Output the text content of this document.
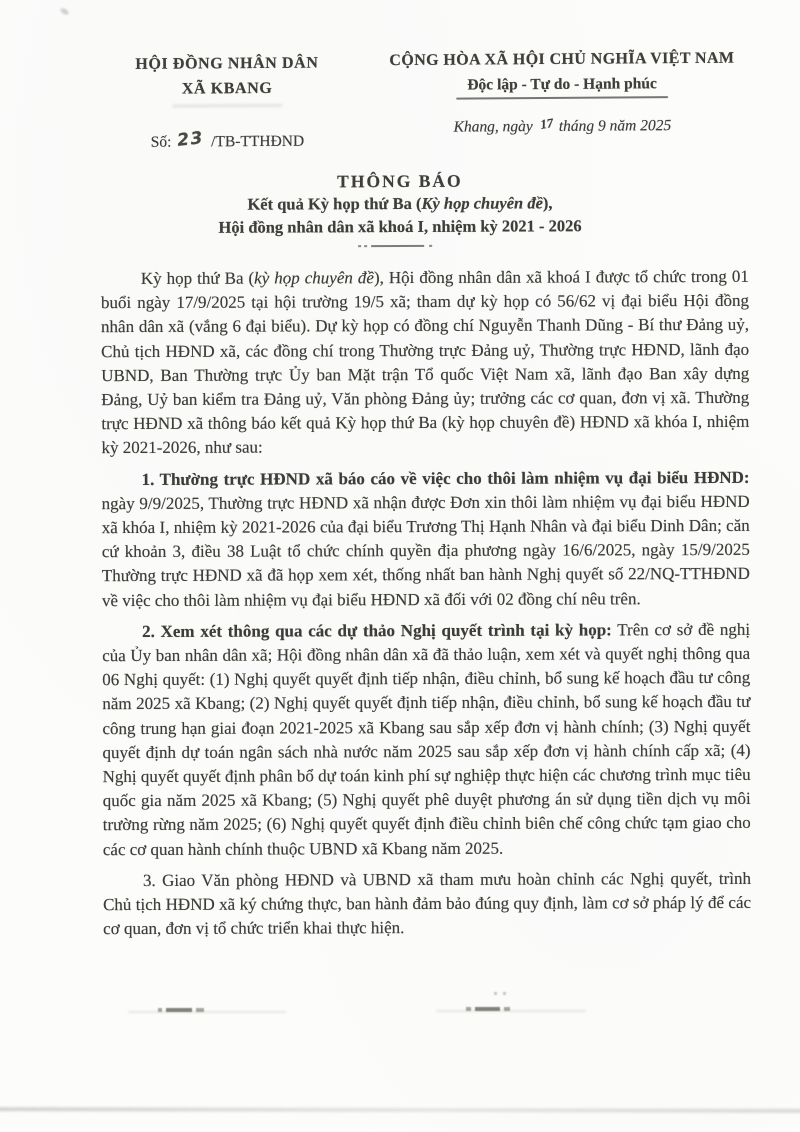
HỘI ĐỒNG NHÂN DÂN
XÃ KBANG
Số: 23 /TB-TTHĐND
CỘNG HÒA XÃ HỘI CHỦ NGHĨA VIỆT NAM
Độc lập - Tự do - Hạnh phúc
Khang, ngày 17 tháng 9 năm 2025
THÔNG BÁO
Kết quả Kỳ họp thứ Ba (Kỳ họp chuyên đề),
Hội đồng nhân dân xã khoá I, nhiệm kỳ 2021 - 2026

Kỳ họp thứ Ba (kỳ họp chuyên đề), Hội đồng nhân dân xã khoá I được tổ chức trong 01 buổi ngày 17/9/2025 tại hội trường 19/5 xã; tham dự kỳ họp có 56/62 vị đại biểu Hội đồng nhân dân xã (vắng 6 đại biểu). Dự kỳ họp có đồng chí Nguyễn Thanh Dũng - Bí thư Đảng uỷ, Chủ tịch HĐND xã, các đồng chí trong Thường trực Đảng uỷ, Thường trực HĐND, lãnh đạo UBND, Ban Thường trực Ủy ban Mặt trận Tổ quốc Việt Nam xã, lãnh đạo Ban xây dựng Đảng, Uỷ ban kiểm tra Đảng uỷ, Văn phòng Đảng ủy; trưởng các cơ quan, đơn vị xã. Thường trực HĐND xã thông báo kết quả Kỳ họp thứ Ba (kỳ họp chuyên đề) HĐND xã khóa I, nhiệm kỳ 2021-2026, như sau:

1. Thường trực HĐND xã báo cáo về việc cho thôi làm nhiệm vụ đại biểu HĐND: ngày 9/9/2025, Thường trực HĐND xã nhận được Đơn xin thôi làm nhiệm vụ đại biểu HĐND xã khóa I, nhiệm kỳ 2021-2026 của đại biểu Trương Thị Hạnh Nhân và đại biểu Dinh Dân; căn cứ khoản 3, điều 38 Luật tổ chức chính quyền địa phương ngày 16/6/2025, ngày 15/9/2025 Thường trực HĐND xã đã họp xem xét, thống nhất ban hành Nghị quyết số 22/NQ-TTHĐND về việc cho thôi làm nhiệm vụ đại biểu HĐND xã đối với 02 đồng chí nêu trên.

2. Xem xét thông qua các dự thảo Nghị quyết trình tại kỳ họp: Trên cơ sở đề nghị của Ủy ban nhân dân xã; Hội đồng nhân dân xã đã thảo luận, xem xét và quyết nghị thông qua 06 Nghị quyết: (1) Nghị quyết quyết định tiếp nhận, điều chỉnh, bổ sung kế hoạch đầu tư công năm 2025 xã Kbang; (2) Nghị quyết quyết định tiếp nhận, điều chỉnh, bổ sung kế hoạch đầu tư công trung hạn giai đoạn 2021-2025 xã Kbang sau sắp xếp đơn vị hành chính; (3) Nghị quyết quyết định dự toán ngân sách nhà nước năm 2025 sau sắp xếp đơn vị hành chính cấp xã; (4) Nghị quyết quyết định phân bổ dự toán kinh phí sự nghiệp thực hiện các chương trình mục tiêu quốc gia năm 2025 xã Kbang; (5) Nghị quyết phê duyệt phương án sử dụng tiền dịch vụ môi trường rừng năm 2025; (6) Nghị quyết quyết định điều chỉnh biên chế công chức tạm giao cho các cơ quan hành chính thuộc UBND xã Kbang năm 2025.

3. Giao Văn phòng HĐND và UBND xã tham mưu hoàn chỉnh các Nghị quyết, trình Chủ tịch HĐND xã ký chứng thực, ban hành đảm bảo đúng quy định, làm cơ sở pháp lý để các cơ quan, đơn vị tổ chức triển khai thực hiện.
